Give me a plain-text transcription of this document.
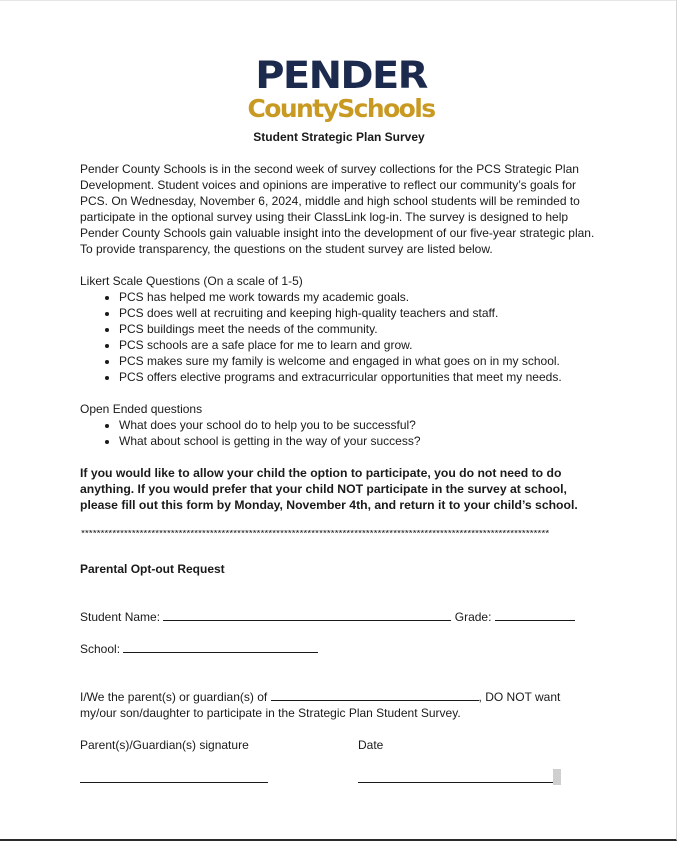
PENDER
CountySchools
Student Strategic Plan Survey

Pender County Schools is in the second week of survey collections for the PCS Strategic Plan Development. Student voices and opinions are imperative to reflect our community’s goals for PCS. On Wednesday, November 6, 2024, middle and high school students will be reminded to participate in the optional survey using their ClassLink log-in. The survey is designed to help Pender County Schools gain valuable insight into the development of our five-year strategic plan. To provide transparency, the questions on the student survey are listed below.

Likert Scale Questions (On a scale of 1-5)

• PCS has helped me work towards my academic goals.
• PCS does well at recruiting and keeping high-quality teachers and staff.
• PCS buildings meet the needs of the community.
• PCS schools are a safe place for me to learn and grow.
• PCS makes sure my family is welcome and engaged in what goes on in my school.
• PCS offers elective programs and extracurricular opportunities that meet my needs.

Open Ended questions

• What does your school do to help you to be successful?
• What about school is getting in the way of your success?

If you would like to allow your child the option to participate, you do not need to do anything. If you would prefer that your child NOT participate in the survey at school, please fill out this form by Monday, November 4th, and return it to your child’s school.

************************************************************************************************************************
Parental Opt-out Request
Student Name:	Grade:
School:
I/We the parent(s) or guardian(s) of	, DO NOT want
my/our son/daughter to participate in the Strategic Plan Student Survey.
Parent(s)/Guardian(s) signature	Date
